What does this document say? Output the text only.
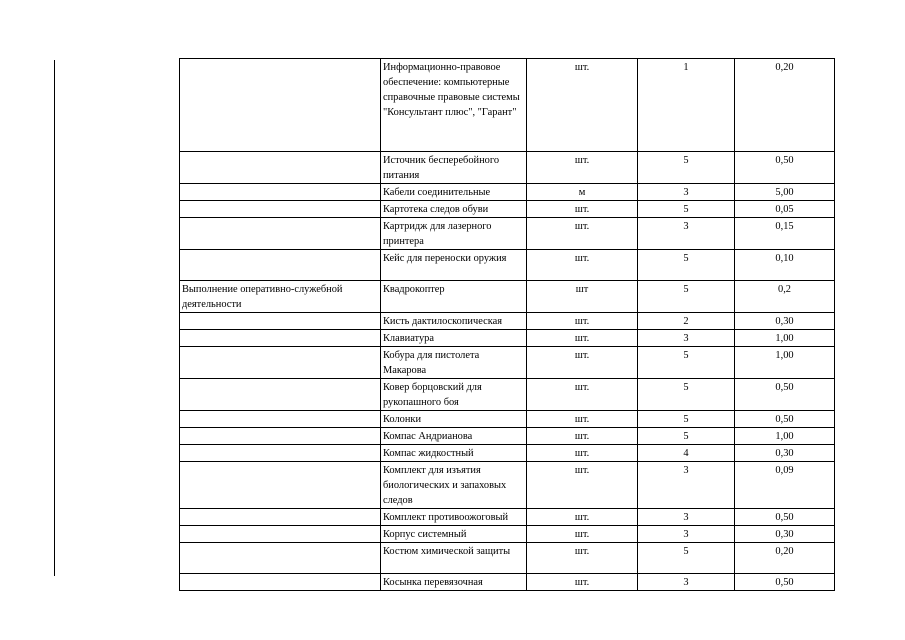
	Информационно-правовое обеспечение: компьютерные справочные правовые системы "Консультант плюс", "Гарант"	шт.	1	0,20
	Источник бесперебойного питания	шт.	5	0,50
	Кабели соединительные	м	3	5,00
	Картотека следов обуви	шт.	5	0,05
	Картридж для лазерного принтера	шт.	3	0,15
	Кейс для переноски оружия	шт.	5	0,10
Выполнение оперативно-служебной деятельности	Квадрокоптер	шт	5	0,2
	Кисть дактилоскопическая	шт.	2	0,30
	Клавиатура	шт.	3	1,00
	Кобура для пистолета Макарова	шт.	5	1,00
	Ковер борцовский для рукопашного боя	шт.	5	0,50
	Колонки	шт.	5	0,50
	Компас Андрианова	шт.	5	1,00
	Компас жидкостный	шт.	4	0,30
	Комплект для изъятия биологических и запаховых следов	шт.	3	0,09
	Комплект противоожоговый	шт.	3	0,50
	Корпус системный	шт.	3	0,30
	Костюм химической защиты	шт.	5	0,20
	Косынка перевязочная	шт.	3	0,50
